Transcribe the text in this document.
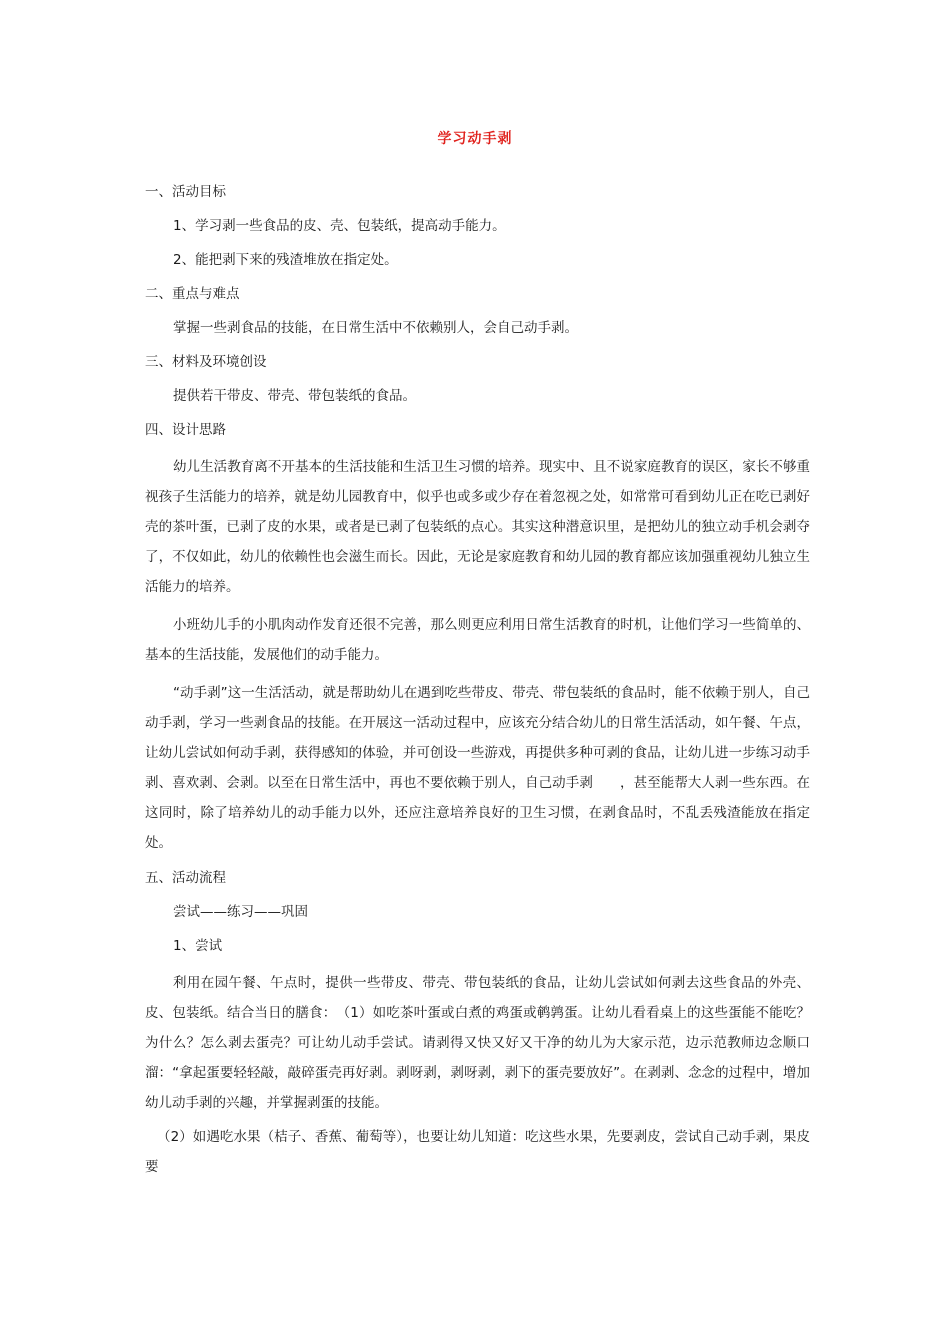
学习动手剥

一、活动目标

1、学习剥一些食品的皮、壳、包装纸，提高动手能力。

2、能把剥下来的残渣堆放在指定处。

二、重点与难点

掌握一些剥食品的技能，在日常生活中不依赖别人，会自己动手剥。

三、材料及环境创设

提供若干带皮、带壳、带包装纸的食品。

四、设计思路

幼儿生活教育离不开基本的生活技能和生活卫生习惯的培养。现实中、且不说家庭教育的误区，家长不够重视孩子生活能力的培养，就是幼儿园教育中，似乎也或多或少存在着忽视之处，如常常可看到幼儿正在吃已剥好壳的茶叶蛋，已剥了皮的水果，或者是已剥了包装纸的点心。其实这种潜意识里，是把幼儿的独立动手机会剥夺了，不仅如此，幼儿的依赖性也会滋生而长。因此，无论是家庭教育和幼儿园的教育都应该加强重视幼儿独立生活能力的培养。

小班幼儿手的小肌肉动作发育还很不完善，那么则更应利用日常生活教育的时机，让他们学习一些简单的、基本的生活技能，发展他们的动手能力。

“动手剥”这一生活活动，就是帮助幼儿在遇到吃些带皮、带壳、带包装纸的食品时，能不依赖于别人，自己动手剥，学习一些剥食品的技能。在开展这一活动过程中，应该充分结合幼儿的日常生活活动，如午餐、午点，让幼儿尝试如何动手剥，获得感知的体验，并可创设一些游戏，再提供多种可剥的食品，让幼儿进一步练习动手剥、喜欢剥、会剥。以至在日常生活中，再也不要依赖于别人，自己动手剥　　，甚至能帮大人剥一些东西。在这同时，除了培养幼儿的动手能力以外，还应注意培养良好的卫生习惯，在剥食品时，不乱丢残渣能放在指定处。

五、活动流程

尝试——练习——巩固

1、尝试

利用在园午餐、午点时，提供一些带皮、带壳、带包装纸的食品，让幼儿尝试如何剥去这些食品的外壳、皮、包装纸。结合当日的膳食：　（1）如吃茶叶蛋或白煮的鸡蛋或鹌鹑蛋。让幼儿看看桌上的这些蛋能不能吃？为什么？怎么剥去蛋壳？可让幼儿动手尝试。请剥得又快又好又干净的幼儿为大家示范，边示范教师边念顺口溜：“拿起蛋要轻轻敲，敲碎蛋壳再好剥。剥呀剥，剥呀剥，剥下的蛋壳要放好”。在剥剥、念念的过程中，增加幼儿动手剥的兴趣，并掌握剥蛋的技能。

（2）如遇吃水果（桔子、香蕉、葡萄等），也要让幼儿知道：吃这些水果，先要剥皮，尝试自己动手剥，果皮要
